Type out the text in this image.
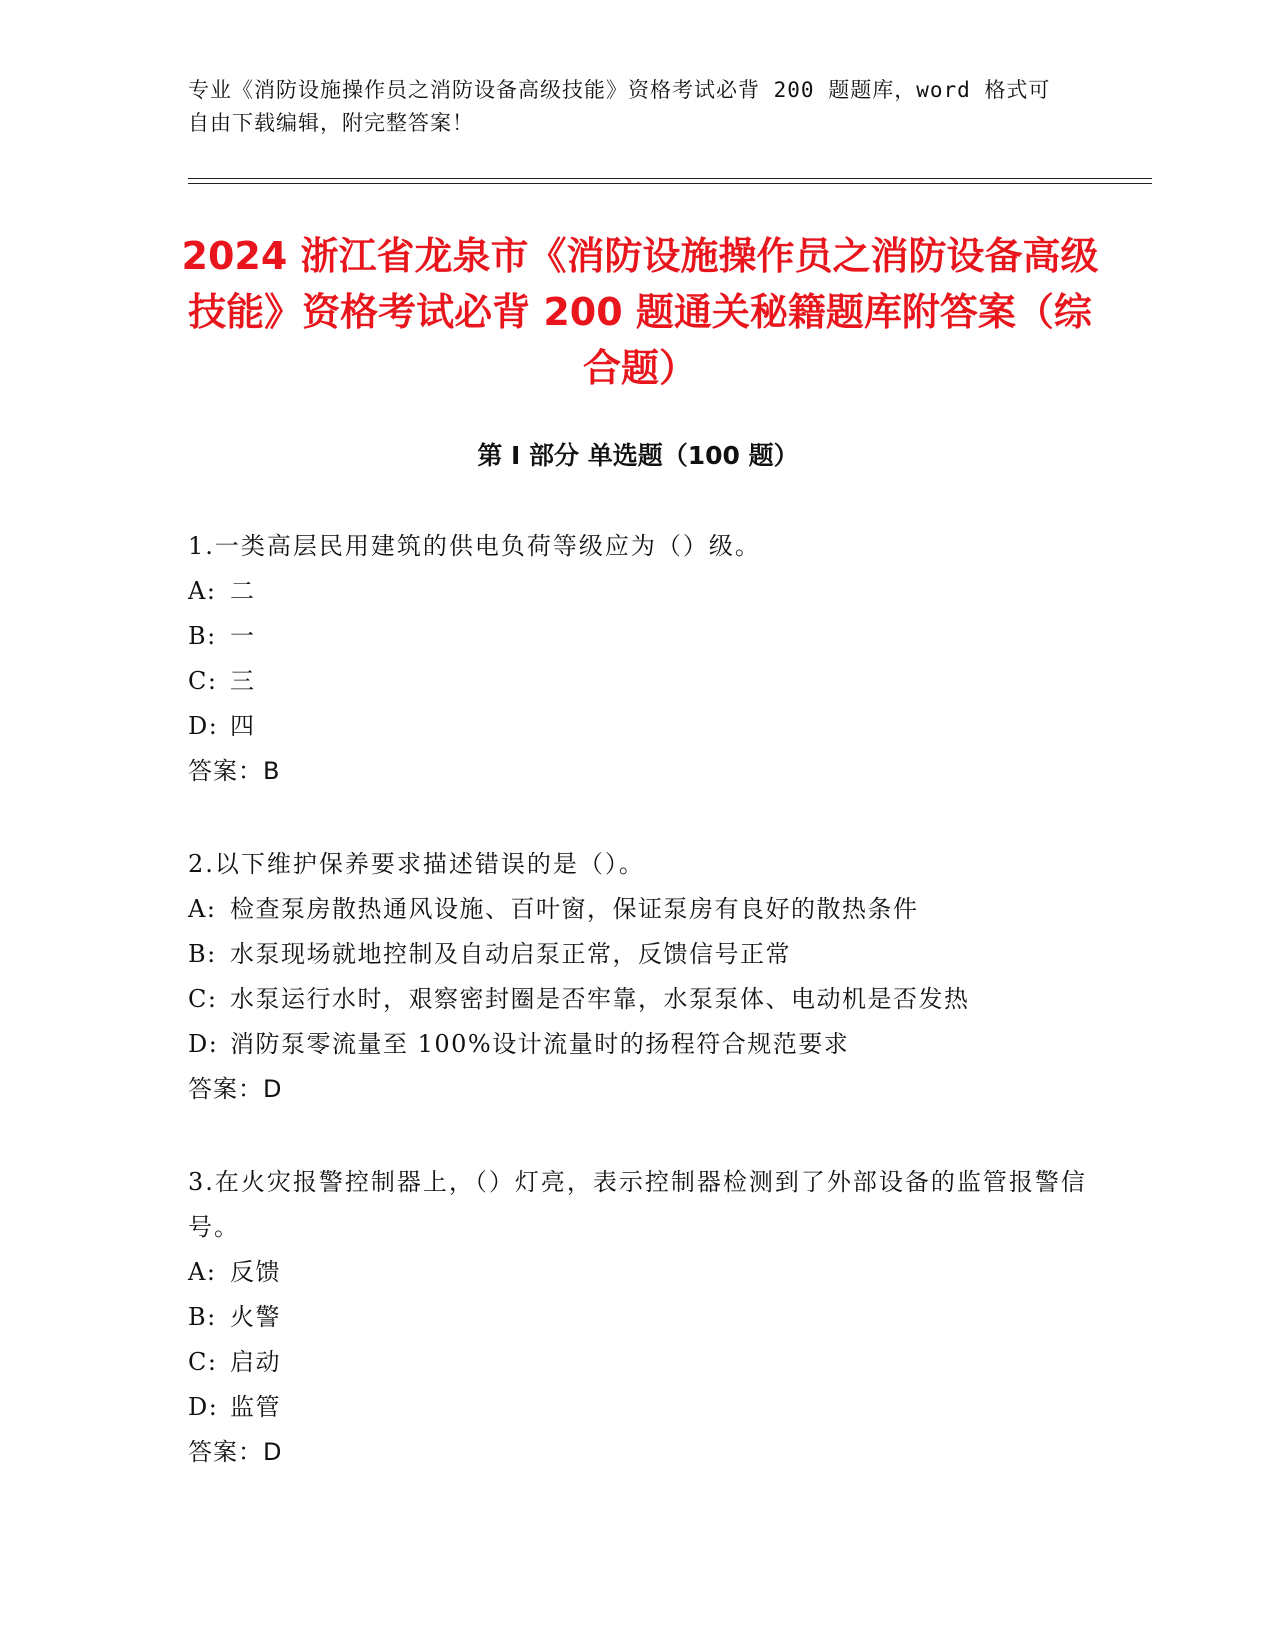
专业《消防设施操作员之消防设备高级技能》资格考试必背 200 题题库，word 格式可自由下载编辑，附完整答案！
2024 浙江省龙泉市《消防设施操作员之消防设备高级技能》资格考试必背 200 题通关秘籍题库附答案（综合题）
第 I 部分 单选题（100 题）
1.一类高层民用建筑的供电负荷等级应为（）级。
A: 二
B: 一
C: 三
D: 四
答案：B
2.以下维护保养要求描述错误的是（）。
A: 检查泵房散热通风设施、百叶窗，保证泵房有良好的散热条件
B: 水泵现场就地控制及自动启泵正常，反馈信号正常
C: 水泵运行水时，艰察密封圈是否牢靠，水泵泵体、电动机是否发热
D: 消防泵零流量至 100%设计流量时的扬程符合规范要求
答案：D
3.在火灾报警控制器上，（）灯亮，表示控制器检测到了外部设备的监管报警信号。
A: 反馈
B: 火警
C: 启动
D: 监管
答案：D
